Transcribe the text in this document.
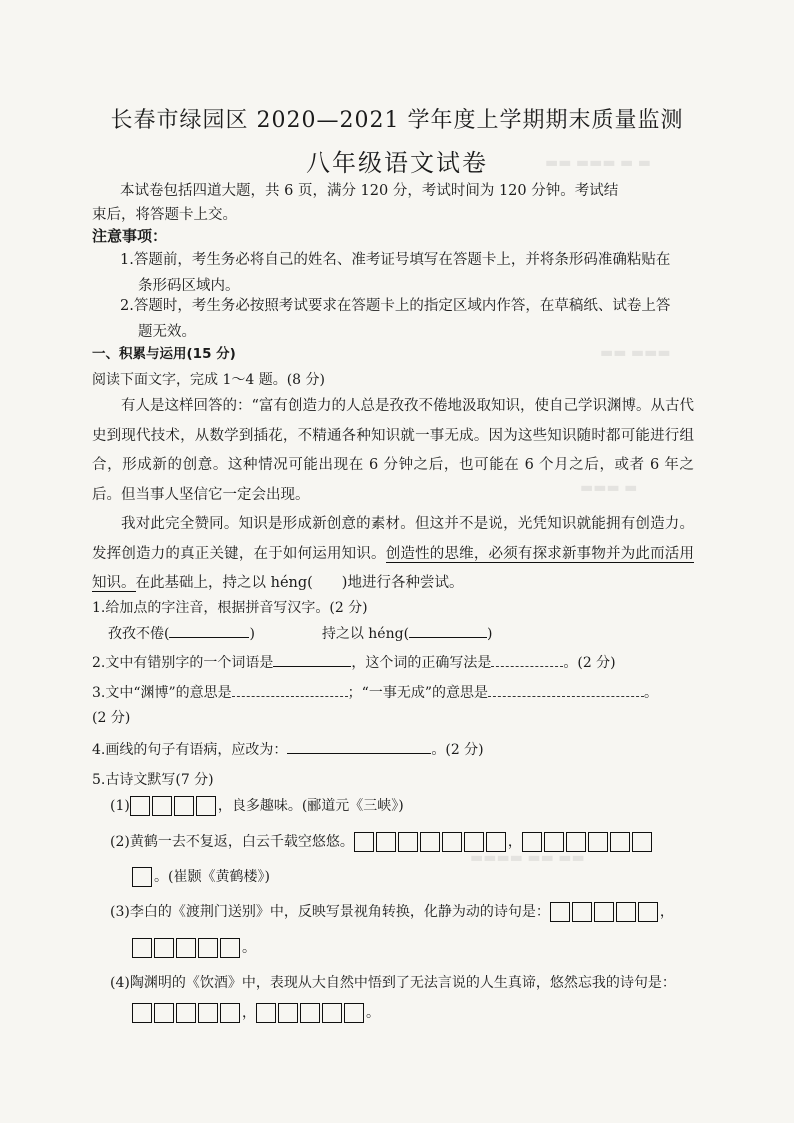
▬▬ ▬▬▬ ▬ ▬
▬▬ ▬▬▬
▬▬▬ ▬
▬▬▬▬ ▬▬ ▬▬
长春市绿园区 2020—2021 学年度上学期期末质量监测
八年级语文试卷
本试卷包括四道大题，共 6 页，满分 120 分，考试时间为 120 分钟。考试结
束后，将答题卡上交。
注意事项：
1.答题前，考生务必将自己的姓名、准考证号填写在答题卡上，并将条形码准确粘贴在
条形码区域内。
2.答题时，考生务必按照考试要求在答题卡上的指定区域内作答，在草稿纸、试卷上答
题无效。
一、积累与运用(15 分)
阅读下面文字，完成 1～4 题。(8 分)
有人是这样回答的：“富有创造力的人总是孜孜不倦地汲取知识，使自己学识渊博。从古代史到现代技术，从数学到插花，不精通各种知识就一事无成。因为这些知识随时都可能进行组合，形成新的创意。这种情况可能出现在 6 分钟之后，也可能在 6 个月之后，或者 6 年之后。但当事人坚信它一定会出现。
我对此完全赞同。知识是形成新创意的素材。但这并不是说，光凭知识就能拥有创造力。发挥创造力的真正关键，在于如何运用知识。创造性的思维，必须有探求新事物并为此而活用知识。在此基础上，持之以 héng(　　)地进行各种尝试。
1.给加点的字注音，根据拼音写汉字。(2 分)
孜孜不倦(	)	持之以 héng(	)
2.文中有错别字的一个词语是	，这个词的正确写法是	。(2 分)
3.文中“渊博”的意思是	；“一事无成”的意思是	。
(2 分)
4.画线的句子有语病，应改为：	。(2 分)
5.古诗文默写(7 分)
(1)	，良多趣味。(郦道元《三峡》)
(2)黄鹤一去不复返，白云千载空悠悠。	，
。(崔颢《黄鹤楼》)
(3)李白的《渡荆门送别》中，反映写景视角转换，化静为动的诗句是：	，
。
(4)陶渊明的《饮酒》中，表现从大自然中悟到了无法言说的人生真谛，悠然忘我的诗句是：
，	。
